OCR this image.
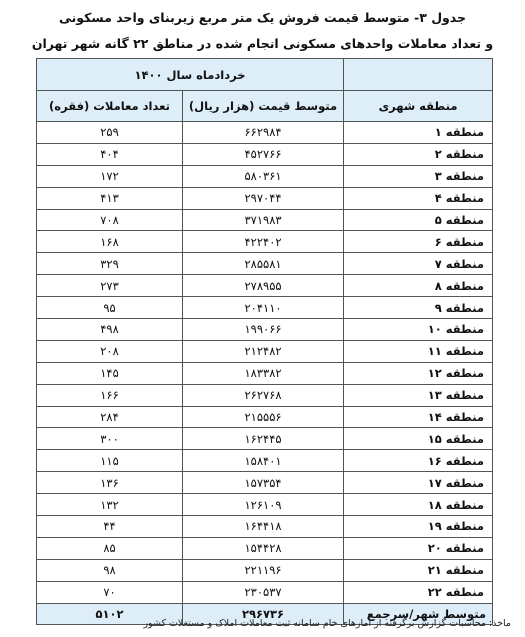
جدول ۳- متوسط قیمت فروش یک متر مربع زیربنای واحد مسکونی
و تعداد معاملات واحدهای مسکونی انجام شده در مناطق ۲۲ گانه شهر تهران
	خردادماه سال ۱۴۰۰	
منطقه شهری	متوسط قیمت (هزار ریال)	تعداد معاملات (فقره)
منطقه ۱	۶۶۲۹۸۴	۲۵۹
منطقه ۲	۴۵۲۷۶۶	۴۰۴
منطقه ۳	۵۸۰۳۶۱	۱۷۲
منطقه ۴	۲۹۷۰۴۴	۴۱۳
منطقه ۵	۳۷۱۹۸۳	۷۰۸
منطقه ۶	۴۲۲۴۰۲	۱۶۸
منطقه ۷	۲۸۵۵۸۱	۳۲۹
منطقه ۸	۲۷۸۹۵۵	۲۷۳
منطقه ۹	۲۰۴۱۱۰	۹۵
منطقه ۱۰	۱۹۹۰۶۶	۴۹۸
منطقه ۱۱	۲۱۲۴۸۲	۲۰۸
منطقه ۱۲	۱۸۳۳۸۲	۱۴۵
منطقه ۱۳	۲۶۲۷۶۸	۱۶۶
منطقه ۱۴	۲۱۵۵۵۶	۲۸۴
منطقه ۱۵	۱۶۲۴۴۵	۳۰۰
منطقه ۱۶	۱۵۸۴۰۱	۱۱۵
منطقه ۱۷	۱۵۷۳۵۴	۱۳۶
منطقه ۱۸	۱۲۶۱۰۹	۱۳۲
منطقه ۱۹	۱۶۴۴۱۸	۴۴
منطقه ۲۰	۱۵۴۴۲۸	۸۵
منطقه ۲۱	۲۲۱۱۹۶	۹۸
منطقه ۲۲	۲۳۰۵۳۷	۷۰
متوسط شهر/سرجمع	۲۹۶۷۳۶	۵۱۰۲
ماخذ: محاسبات گزارش برگرفته از آمارهای خام سامانه ثبت معاملات املاک و مستغلات کشور
